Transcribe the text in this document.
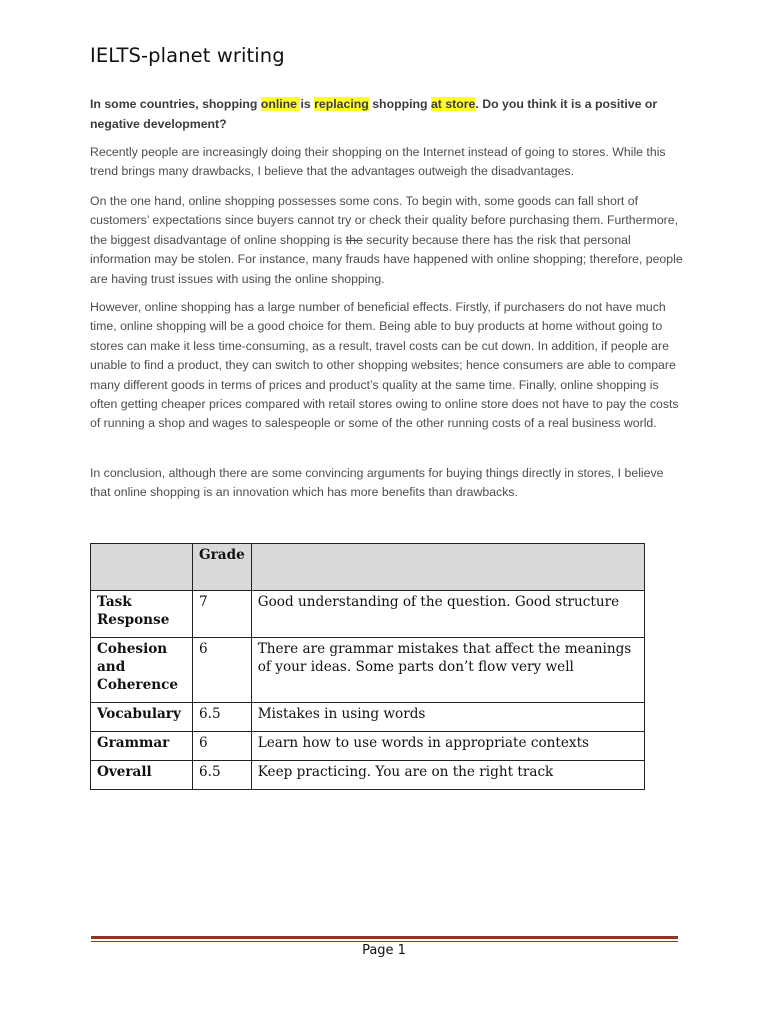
IELTS-planet writing
In some countries, shopping online is replacing shopping at store. Do you think it is a positive or negative development?
Recently people are increasingly doing their shopping on the Internet instead of going to stores. While this trend brings many drawbacks, I believe that the advantages outweigh the disadvantages.
On the one hand, online shopping possesses some cons. To begin with, some goods can fall short of customers’ expectations since buyers cannot try or check their quality before purchasing them. Furthermore, the biggest disadvantage of online shopping is the security because there has the risk that personal information may be stolen. For instance, many frauds have happened with online shopping; therefore, people are having trust issues with using the online shopping.
However, online shopping has a large number of beneficial effects. Firstly, if purchasers do not have much time, online shopping will be a good choice for them. Being able to buy products at home without going to stores can make it less time-consuming, as a result, travel costs can be cut down. In addition, if people are unable to find a product, they can switch to other shopping websites; hence consumers are able to compare many different goods in terms of prices and product’s quality at the same time. Finally, online shopping is often getting cheaper prices compared with retail stores owing to online store does not have to pay the costs of running a shop and wages to salespeople or some of the other running costs of a real business world.
In conclusion, although there are some convincing arguments for buying things directly in stores, I believe that online shopping is an innovation which has more benefits than drawbacks.
	Grade	
Task Response	7	Good understanding of the question. Good structure
Cohesion and Coherence	6	There are grammar mistakes that affect the meanings of your ideas. Some parts don’t flow very well
Vocabulary	6.5	Mistakes in using words
Grammar	6	Learn how to use words in appropriate contexts
Overall	6.5	Keep practicing. You are on the right track
Page 1
